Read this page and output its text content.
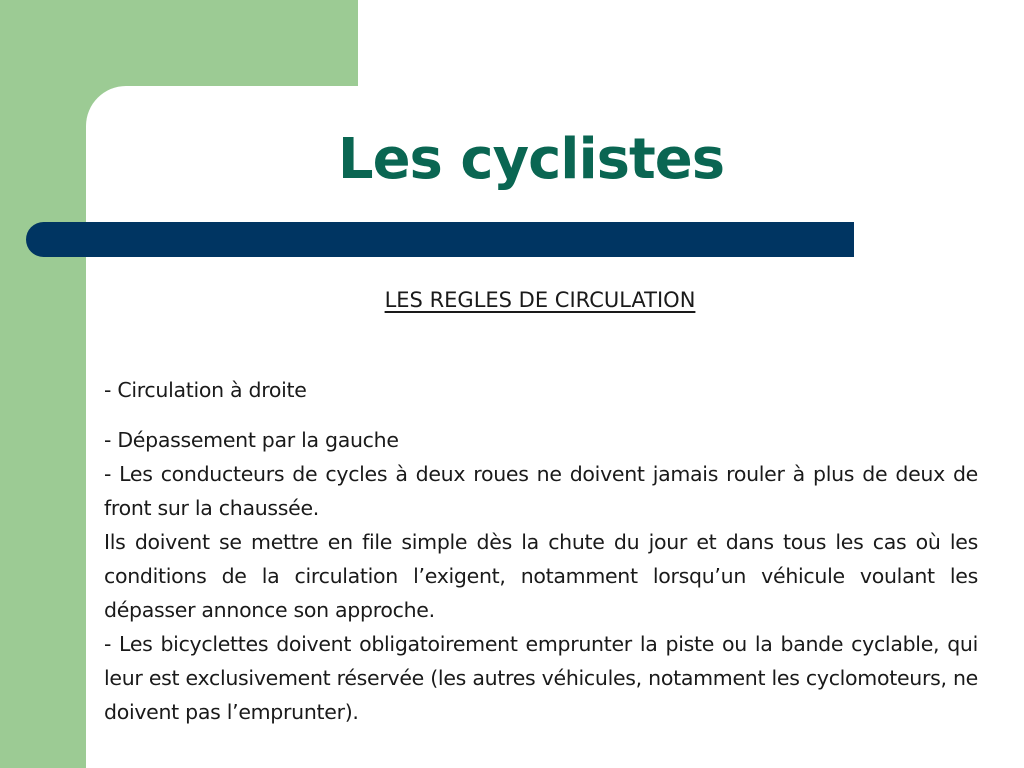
Les cyclistes
LES REGLES DE CIRCULATION

- Circulation à droite

- Dépassement par la gauche

- Les conducteurs de cycles à deux roues ne doivent jamais rouler à plus de deux de front sur la chaussée.

Ils doivent se mettre en file simple dès la chute du jour et dans tous les cas où les conditions de la circulation l’exigent, notamment lorsqu’un véhicule voulant les dépasser annonce son approche.

- Les bicyclettes doivent obligatoirement emprunter la piste ou la bande cyclable, qui leur est exclusivement réservée (les autres véhicules, notamment les cyclomoteurs, ne doivent pas l’emprunter).
